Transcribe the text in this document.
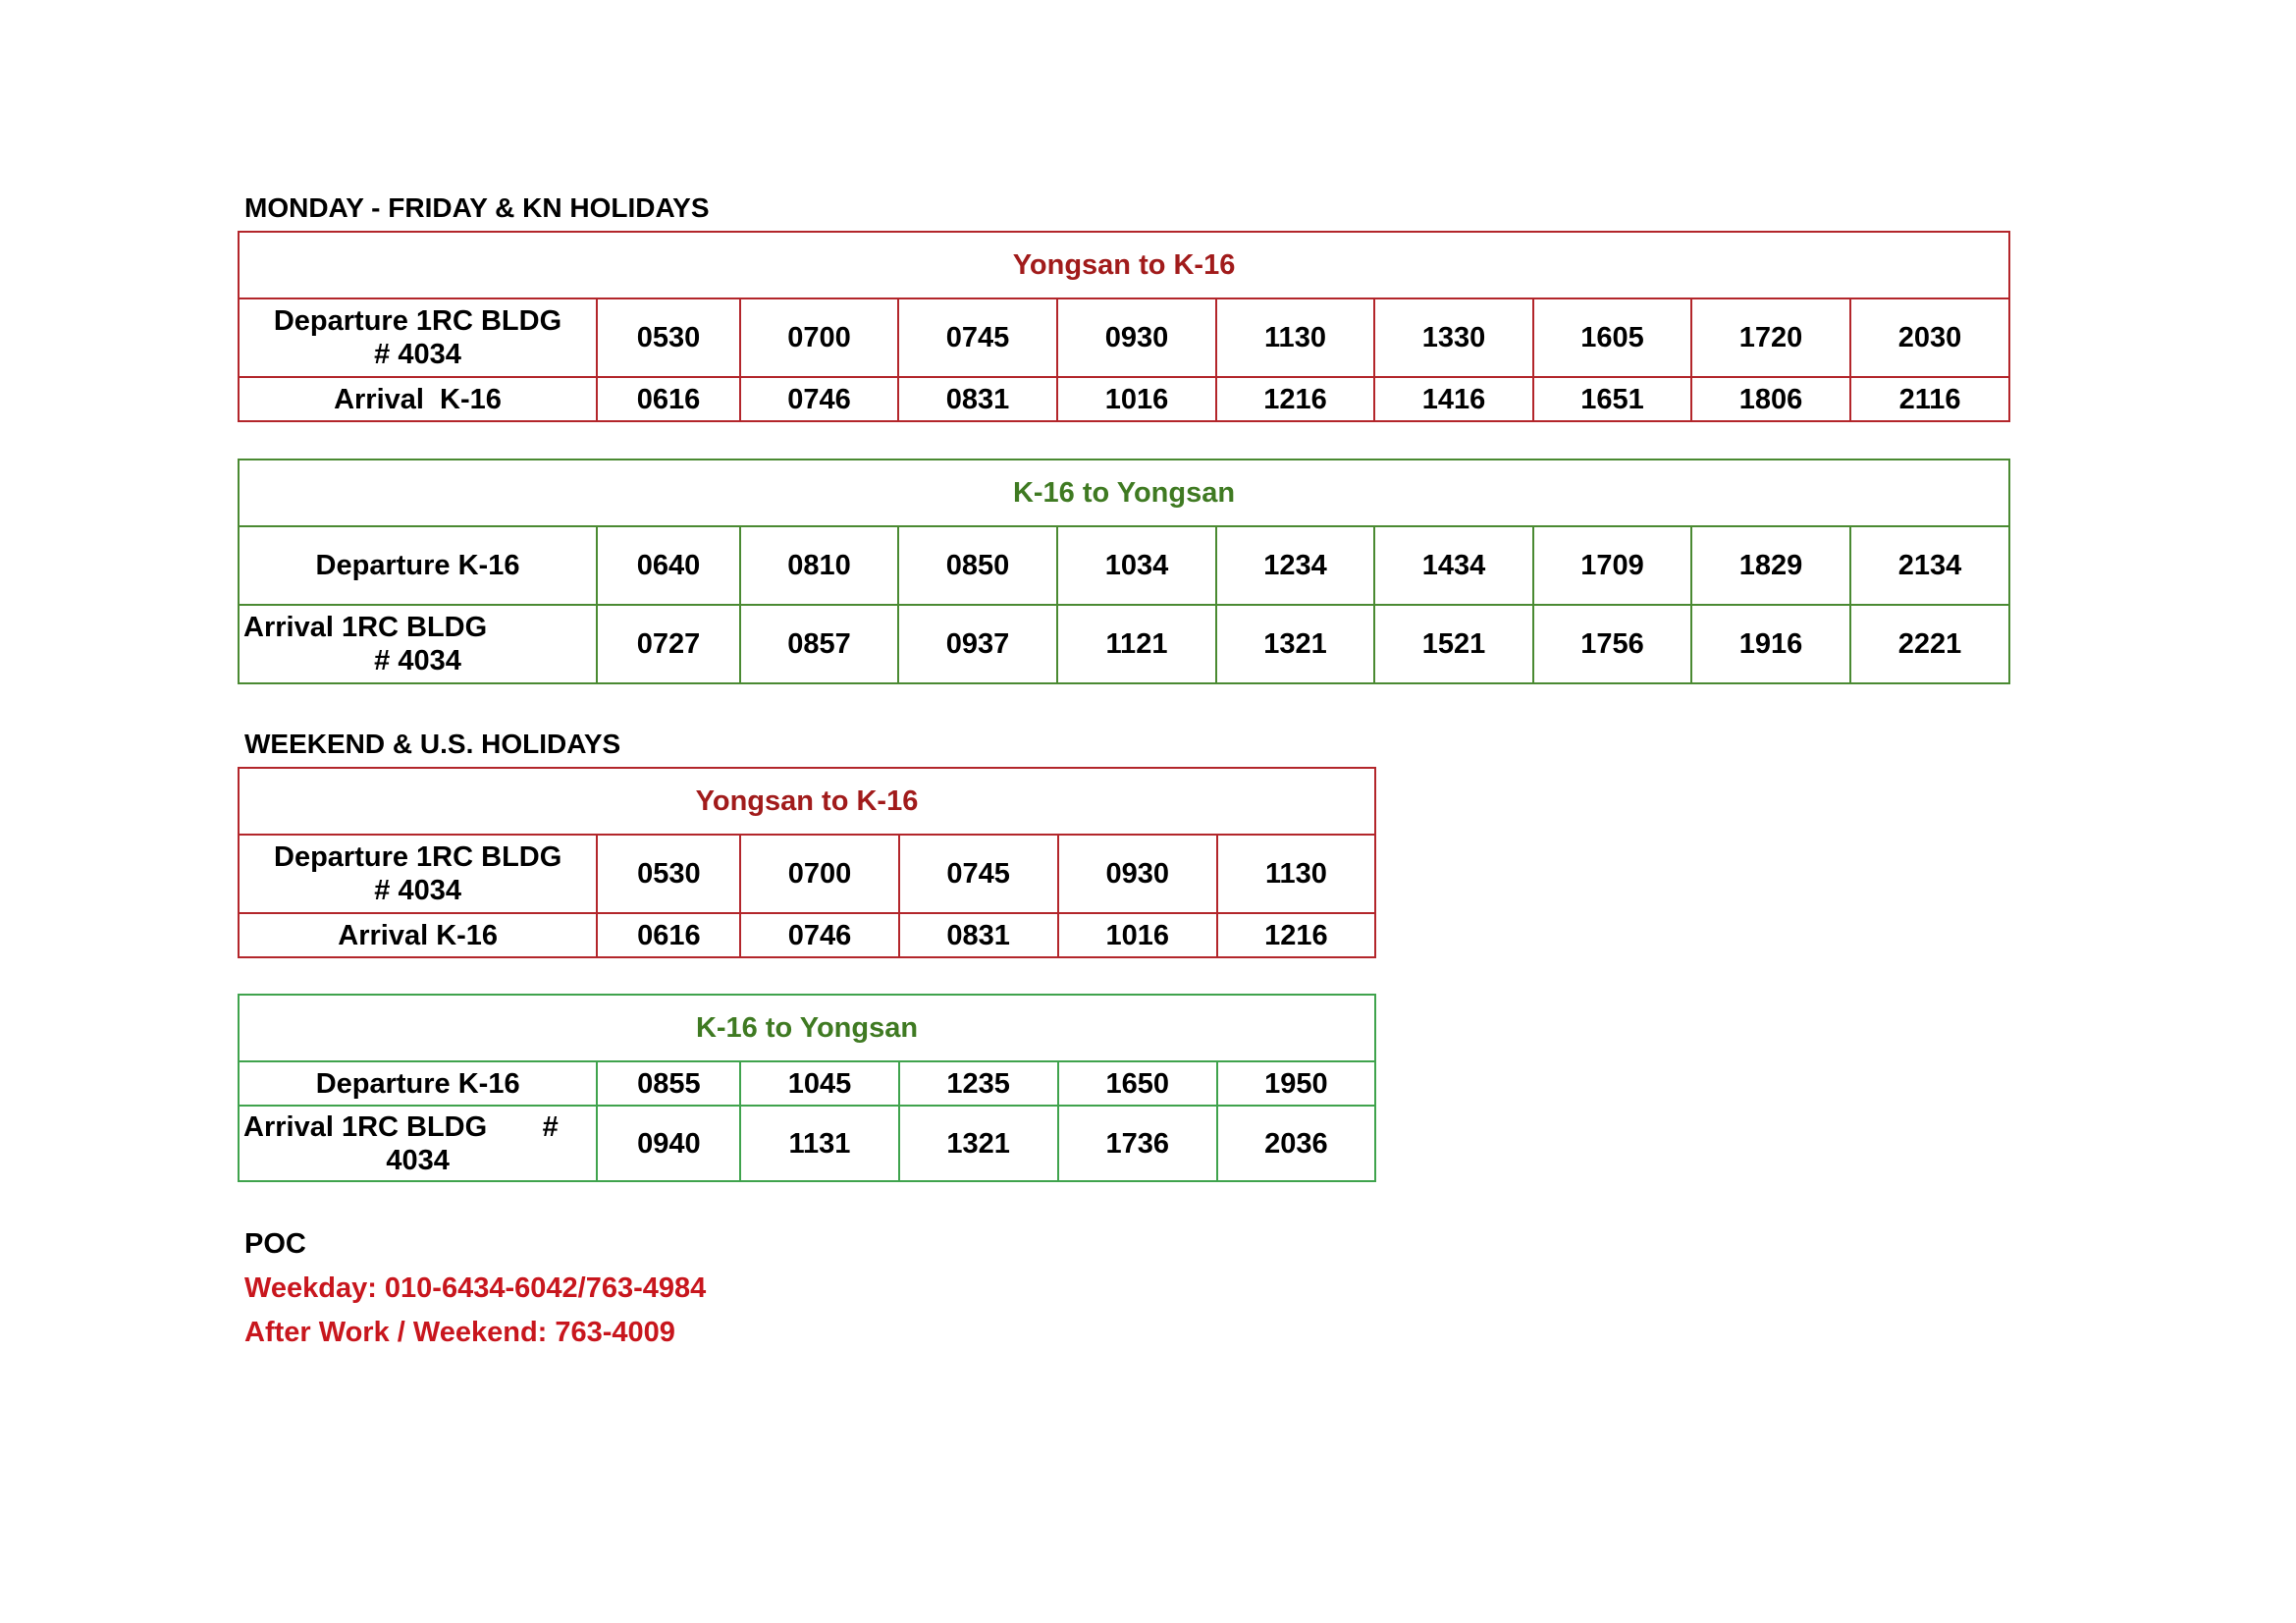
MONDAY - FRIDAY & KN HOLIDAYS
Yongsan to K-16									

Departure 1RC BLDG
# 4034	0530	0700	0745	0930	1130	1330	1605	1720	2030
Arrival  K-16	0616	0746	0831	1016	1216	1416	1651	1806	2116
K-16 to Yongsan									
Departure K-16	0640	0810	0850	1034	1234	1434	1709	1829	2134

Arrival 1RC BLDG
# 4034	0727	0857	0937	1121	1321	1521	1756	1916	2221
WEEKEND & U.S. HOLIDAYS
Yongsan to K-16					

Departure 1RC BLDG
# 4034	0530	0700	0745	0930	1130
Arrival K-16	0616	0746	0831	1016	1216
K-16 to Yongsan					
Departure K-16	0855	1045	1235	1650	1950

Arrival 1RC BLDG       #
4034	0940	1131	1321	1736	2036
POC
Weekday: 010-6434-6042/763-4984
After Work / Weekend: 763-4009
